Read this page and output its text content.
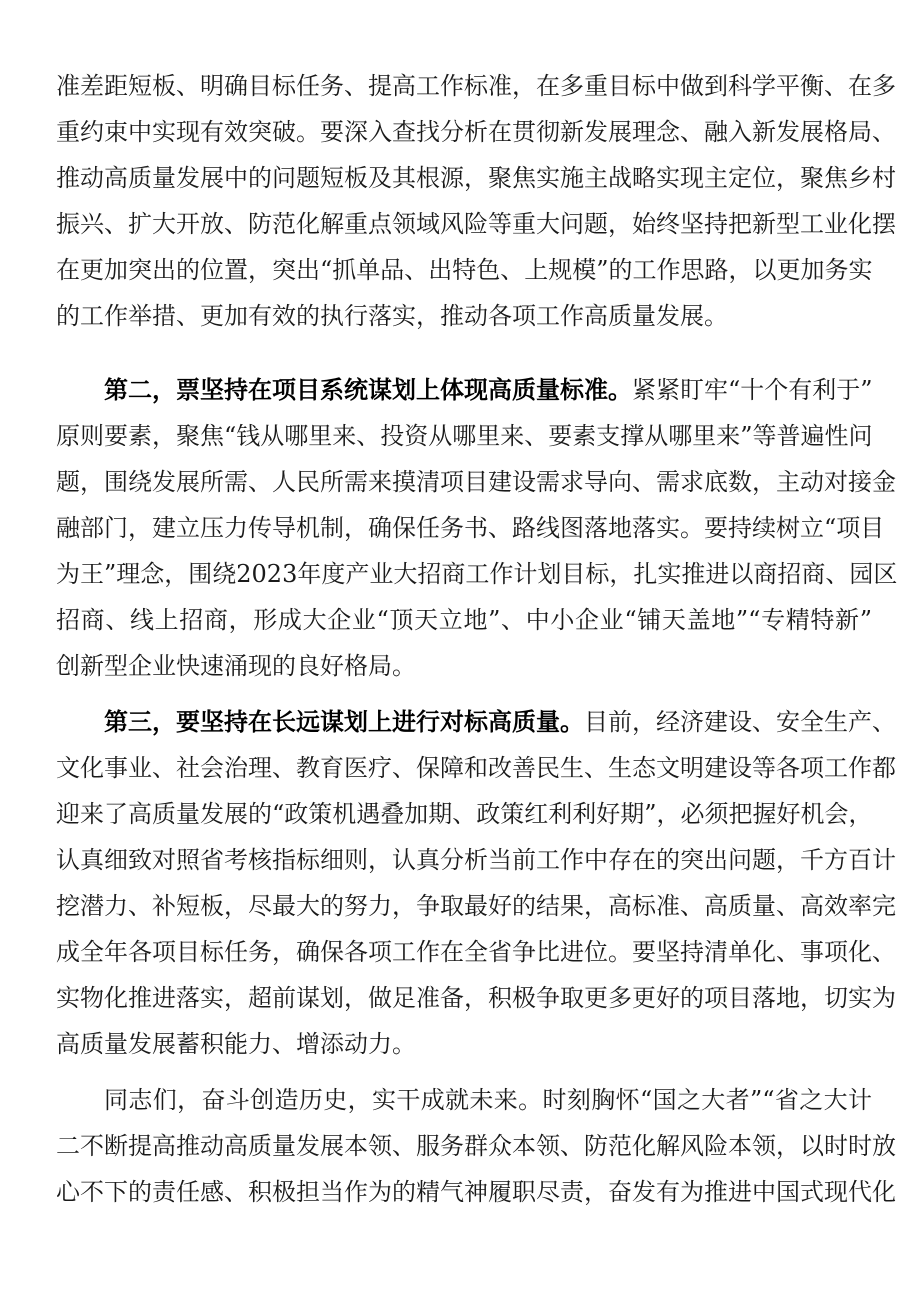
准差距短板、明确目标任务、提高工作标准，在多重目标中做到科学平衡、在多
重约束中实现有效突破。要深入查找分析在贯彻新发展理念、融入新发展格局、
推动高质量发展中的问题短板及其根源，聚焦实施主战略实现主定位，聚焦乡村
振兴、扩大开放、防范化解重点领域风险等重大问题，始终坚持把新型工业化摆
在更加突出的位置，突出“抓单品、出特色、上规模”的工作思路，以更加务实
的工作举措、更加有效的执行落实，推动各项工作高质量发展。
第二，票坚持在项目系统谋划上体现高质量标准。紧紧盯牢“十个有利于”
原则要素，聚焦“钱从哪里来、投资从哪里来、要素支撑从哪里来”等普遍性问
题，围绕发展所需、人民所需来摸清项目建设需求导向、需求底数，主动对接金
融部门，建立压力传导机制，确保任务书、路线图落地落实。要持续树立“项目
为王”理念，围绕2023年度产业大招商工作计划目标，扎实推进以商招商、园区
招商、线上招商，形成大企业“顶天立地”、中小企业“铺天盖地”“专精特新”
创新型企业快速涌现的良好格局。
第三，要坚持在长远谋划上进行对标高质量。目前，经济建设、安全生产、
文化事业、社会治理、教育医疗、保障和改善民生、生态文明建设等各项工作都
迎来了高质量发展的“政策机遇叠加期、政策红利利好期”，必须把握好机会，
认真细致对照省考核指标细则，认真分析当前工作中存在的突出问题，千方百计
挖潜力、补短板，尽最大的努力，争取最好的结果，高标准、高质量、高效率完
成全年各项目标任务，确保各项工作在全省争比进位。要坚持清单化、事项化、
实物化推进落实，超前谋划，做足准备，积极争取更多更好的项目落地，切实为
高质量发展蓄积能力、增添动力。
同志们，奋斗创造历史，实干成就未来。时刻胸怀“国之大者”“省之大计
二不断提高推动高质量发展本领、服务群众本领、防范化解风险本领，以时时放
心不下的责任感、积极担当作为的精气神履职尽责，奋发有为推进中国式现代化
